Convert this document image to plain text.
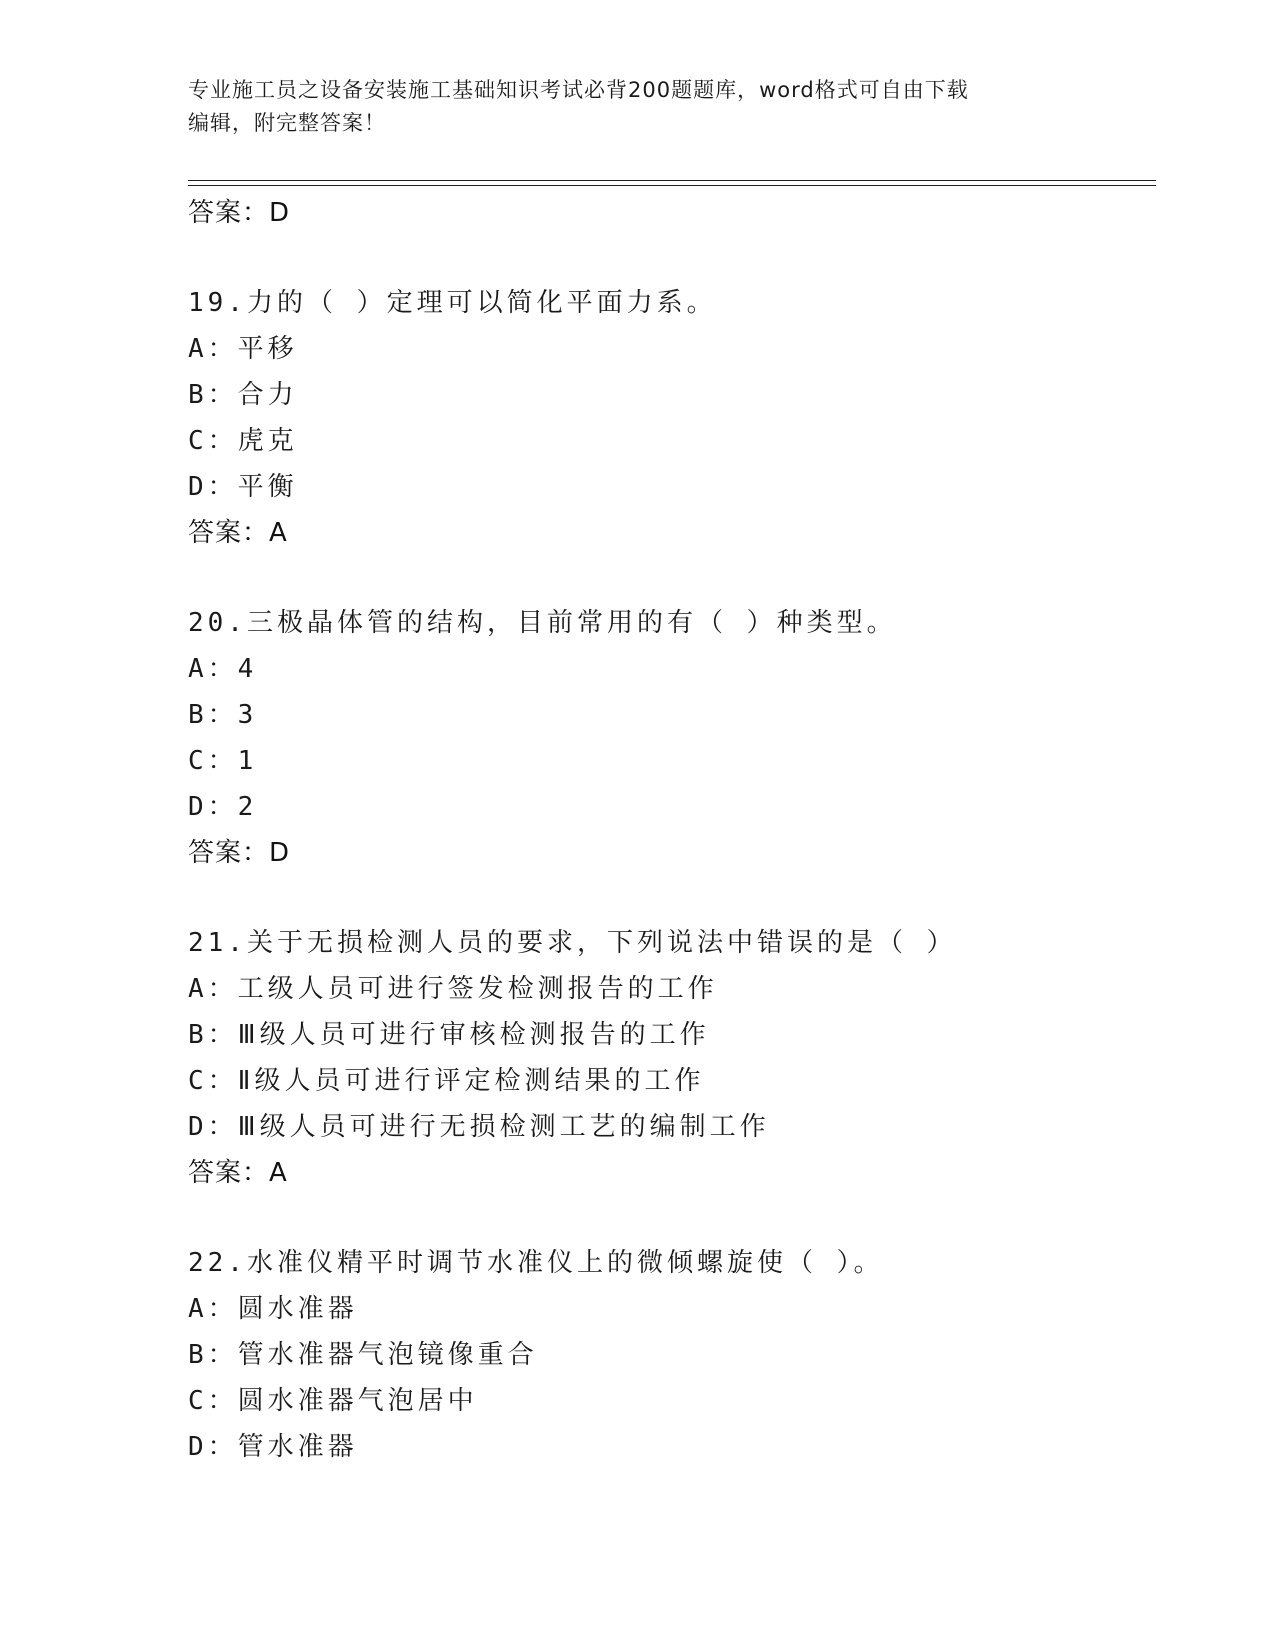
专业施工员之设备安装施工基础知识考试必背200题题库，word格式可自由下载
编辑，附完整答案！
答案：D
19.力的（ ）定理可以简化平面力系。
A：平移
B：合力
C：虎克
D：平衡
答案：A
20.三极晶体管的结构，目前常用的有（ ）种类型。
A：4
B：3
C：1
D：2
答案：D
21.关于无损检测人员的要求，下列说法中错误的是（ ）
A：工级人员可进行签发检测报告的工作
B：Ⅲ级人员可进行审核检测报告的工作
C：Ⅱ级人员可进行评定检测结果的工作
D：Ⅲ级人员可进行无损检测工艺的编制工作
答案：A
22.水准仪精平时调节水准仪上的微倾螺旋使（ ）。
A：圆水准器
B：管水准器气泡镜像重合
C：圆水准器气泡居中
D：管水准器
